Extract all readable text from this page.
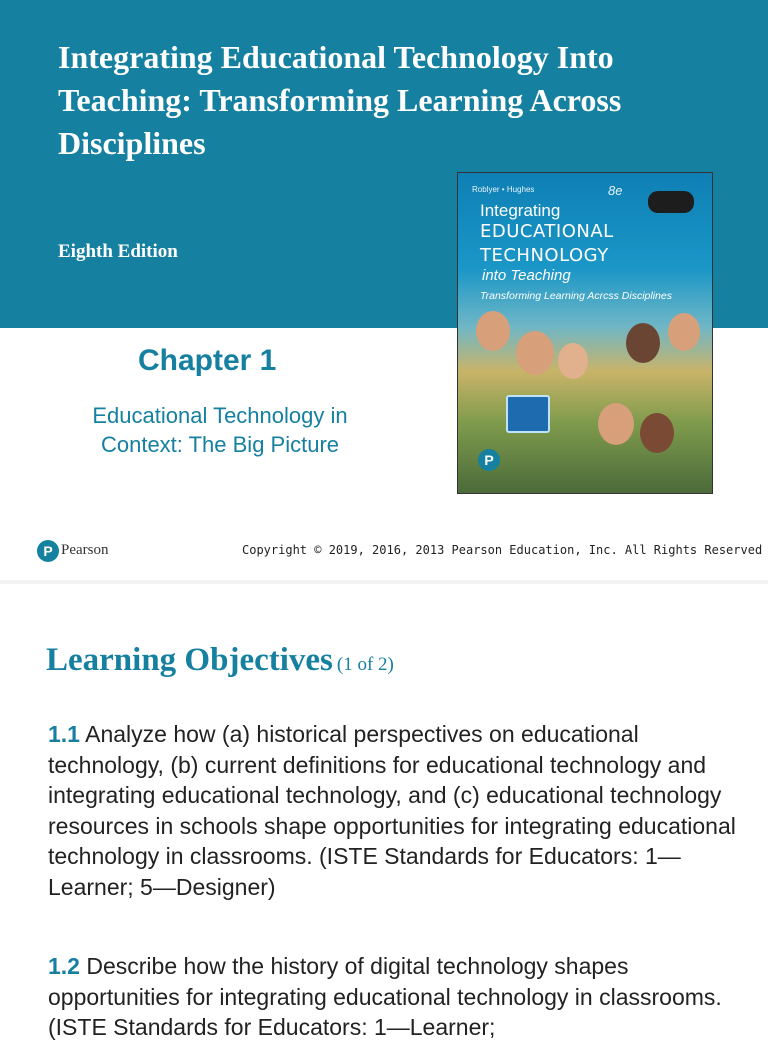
Integrating Educational Technology Into Teaching: Transforming Learning Across Disciplines
Eighth Edition
Chapter 1
Educational Technology in Context: The Big Picture
Roblyer • Hughes	8e
Integrating
EDUCATIONAL
TECHNOLOGY
into Teaching
Transforming Learning Acrcss Disciplines
P
P Pearson	Copyright © 2019, 2016, 2013 Pearson Education, Inc. All Rights Reserved
Learning Objectives (1 of 2)

1.1 Analyze how (a) historical perspectives on educational technology, (b) current definitions for educational technology and integrating educational technology, and (c) educational technology resources in schools shape opportunities for integrating educational technology in classrooms. (ISTE Standards for Educators: 1—Learner; 5—Designer)

1.2 Describe how the history of digital technology shapes opportunities for integrating educational technology in classrooms. (ISTE Standards for Educators: 1—Learner;
